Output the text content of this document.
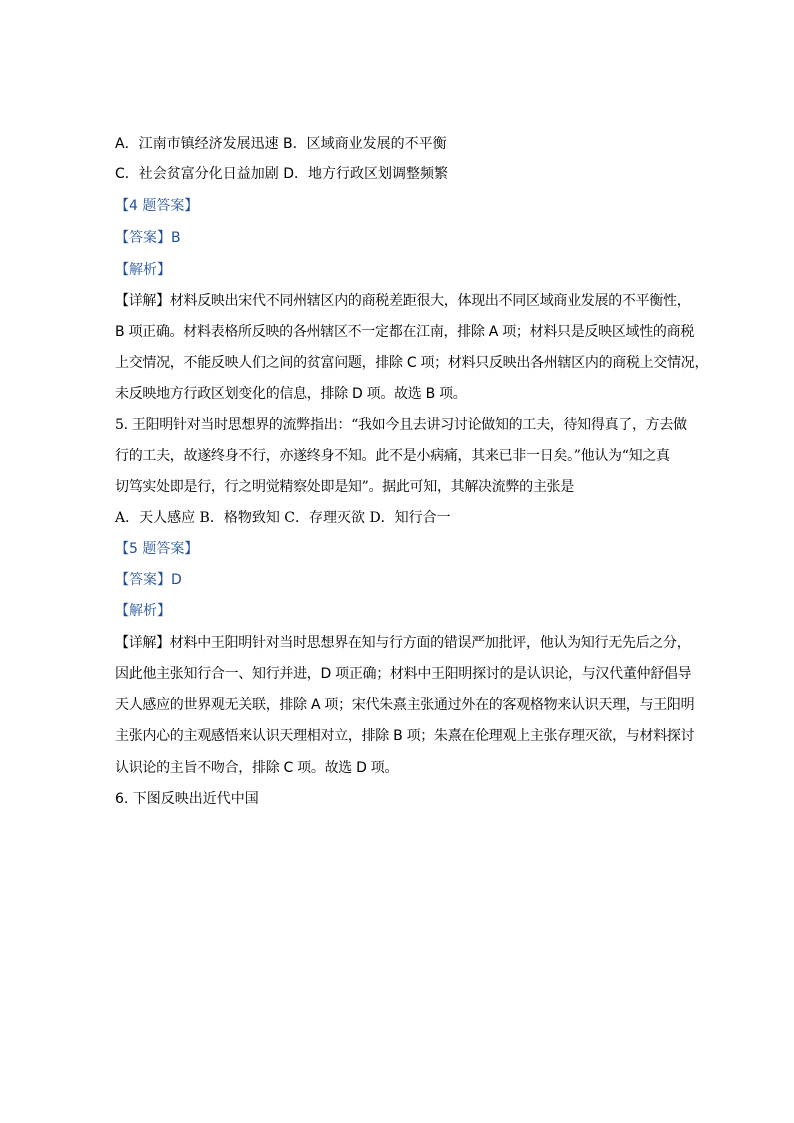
A．江南市镇经济发展迅速 B．区域商业发展的不平衡
C．社会贫富分化日益加剧 D．地方行政区划调整频繁
【4 题答案】
【答案】B
【解析】
【详解】材料反映出宋代不同州辖区内的商税差距很大，体现出不同区域商业发展的不平衡性，
B 项正确。材料表格所反映的各州辖区不一定都在江南，排除 A 项；材料只是反映区域性的商税
上交情况，不能反映人们之间的贫富问题，排除 C 项；材料只反映出各州辖区内的商税上交情况，
未反映地方行政区划变化的信息，排除 D 项。故选 B 项。
5. 王阳明针对当时思想界的流弊指出：“我如今且去讲习讨论做知的工夫，待知得真了，方去做
行的工夫，故遂终身不行，亦遂终身不知。此不是小病痛，其来已非一日矣。”他认为“知之真
切笃实处即是行，行之明觉精察处即是知”。据此可知，其解决流弊的主张是
A．天人感应 B．格物致知 C．存理灭欲 D．知行合一
【5 题答案】
【答案】D
【解析】
【详解】材料中王阳明针对当时思想界在知与行方面的错误严加批评，他认为知行无先后之分，
因此他主张知行合一、知行并进，D 项正确；材料中王阳明探讨的是认识论，与汉代董仲舒倡导
天人感应的世界观无关联，排除 A 项；宋代朱熹主张通过外在的客观格物来认识天理，与王阳明
主张内心的主观感悟来认识天理相对立，排除 B 项；朱熹在伦理观上主张存理灭欲，与材料探讨
认识论的主旨不吻合，排除 C 项。故选 D 项。
6. 下图反映出近代中国
